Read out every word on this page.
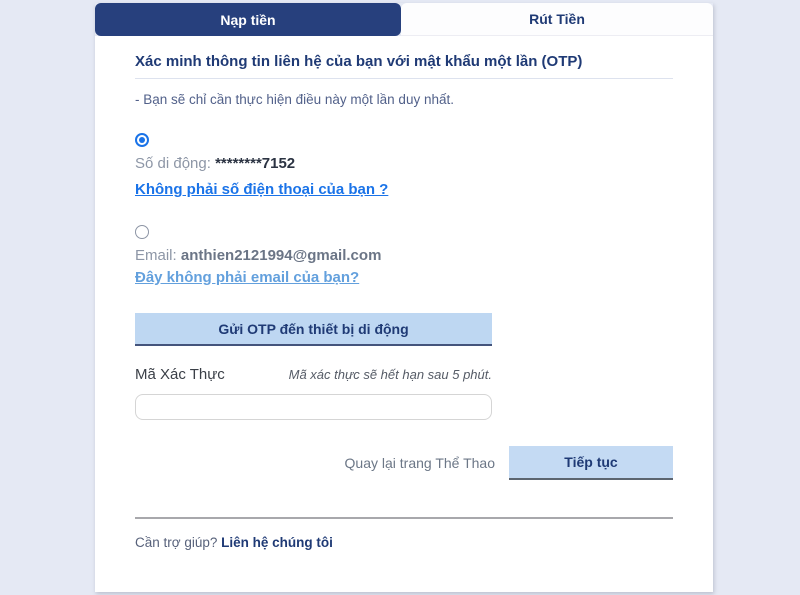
Nạp tiền	Rút Tiền
Xác minh thông tin liên hệ của bạn với mật khẩu một lần (OTP)
- Bạn sẽ chỉ cần thực hiện điều này một lần duy nhất.
Số di động: ********7152
Không phải số điện thoại của bạn ?

Email: anthien2121994@gmail.com
Đây không phải email của bạn?
Gửi OTP đến thiết bị di động
Mã Xác Thực	Mã xác thực sẽ hết hạn sau 5 phút.
Quay lại trang Thể Thao	Tiếp tục
Cần trợ giúp? Liên hệ chúng tôi
